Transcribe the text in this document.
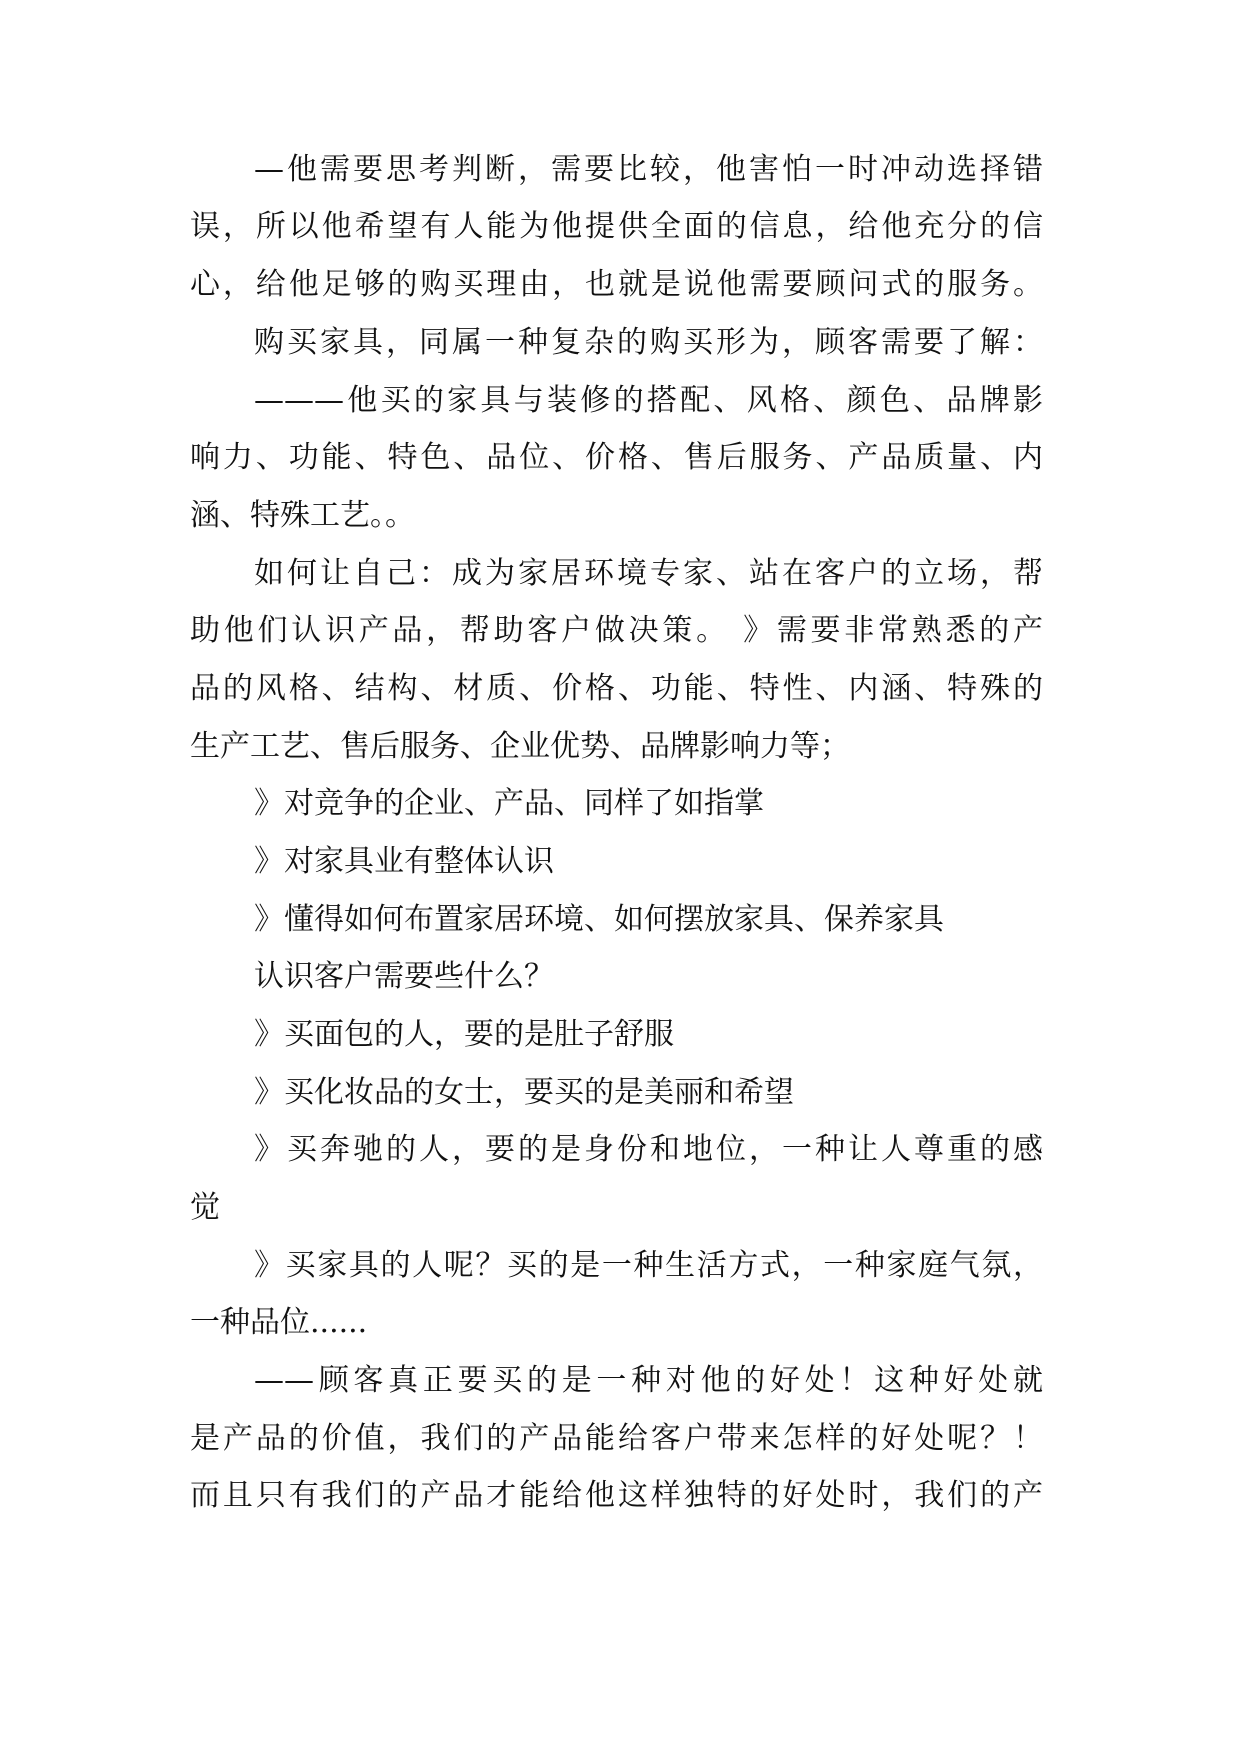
—他需要思考判断，需要比较，他害怕一时冲动选择错
误，所以他希望有人能为他提供全面的信息，给他充分的信
心，给他足够的购买理由，也就是说他需要顾问式的服务。
购买家具，同属一种复杂的购买形为，顾客需要了解：
———他买的家具与装修的搭配、风格、颜色、品牌影
响力、功能、特色、品位、价格、售后服务、产品质量、内
涵、特殊工艺。。
如何让自己：成为家居环境专家、站在客户的立场，帮
助他们认识产品，帮助客户做决策。 》需要非常熟悉的产
品的风格、结构、材质、价格、功能、特性、内涵、特殊的
生产工艺、售后服务、企业优势、品牌影响力等；
》对竞争的企业、产品、同样了如指掌
》对家具业有整体认识
》懂得如何布置家居环境、如何摆放家具、保养家具
认识客户需要些什么？
》买面包的人，要的是肚子舒服
》买化妆品的女士，要买的是美丽和希望
》买奔驰的人，要的是身份和地位，一种让人尊重的感
觉
》买家具的人呢？买的是一种生活方式，一种家庭气氛，
一种品位......
——顾客真正要买的是一种对他的好处！这种好处就
是产品的价值，我们的产品能给客户带来怎样的好处呢？！
而且只有我们的产品才能给他这样独特的好处时，我们的产
